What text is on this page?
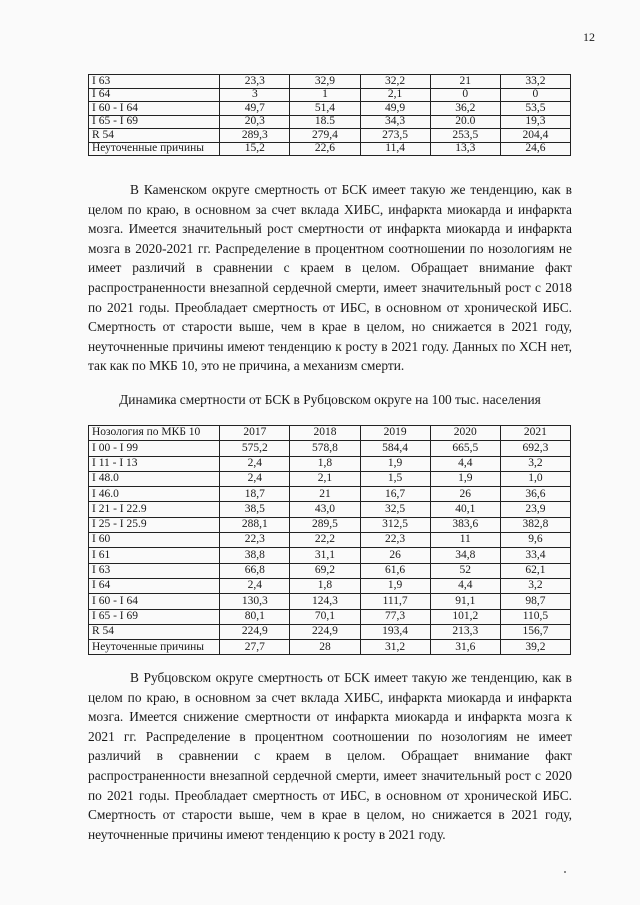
12
I 63	23,3	32,9	32,2	21	33,2
I 64	3	1	2,1	0	0
I 60 - I 64	49,7	51,4	49,9	36,2	53,5
I 65 - I 69	20,3	18.5	34,3	20.0	19,3
R 54	289,3	279,4	273,5	253,5	204,4
Неуточенные причины	15,2	22,6	11,4	13,3	24,6

В Каменском округе смертность от БСК имеет такую же тенденцию, как в целом по краю, в основном за счет вклада ХИБС, инфаркта миокарда и инфаркта мозга. Имеется значительный рост смертности от инфаркта миокарда и инфаркта мозга в 2020-2021 гг. Распределение в процентном соотношении по нозологиям не имеет различий в сравнении с краем в целом. Обращает внимание факт распространенности внезапной сердечной смерти, имеет значительный рост с 2018 по 2021 годы. Преобладает смертность от ИБС, в основном от хронической ИБС. Смертность от старости выше, чем в крае в целом, но снижается в 2021 году, неуточненные причины имеют тенденцию к росту в 2021 году. Данных по ХСН нет, так как по МКБ 10, это не причина, а механизм смерти.

Динамика смертности от БСК в Рубцовском округе на 100 тыс. населения
Нозология по МКБ 10	2017	2018	2019	2020	2021
I 00 - I 99	575,2	578,8	584,4	665,5	692,3
I 11 - I 13	2,4	1,8	1,9	4,4	3,2
I 48.0	2,4	2,1	1,5	1,9	1,0
I 46.0	18,7	21	16,7	26	36,6
I 21 - I 22.9	38,5	43,0	32,5	40,1	23,9
I 25 - I 25.9	288,1	289,5	312,5	383,6	382,8
I 60	22,3	22,2	22,3	11	9,6
I 61	38,8	31,1	26	34,8	33,4
I 63	66,8	69,2	61,6	52	62,1
I 64	2,4	1,8	1,9	4,4	3,2
I 60 - I 64	130,3	124,3	111,7	91,1	98,7
I 65 - I 69	80,1	70,1	77,3	101,2	110,5
R 54	224,9	224,9	193,4	213,3	156,7
Неуточенные причины	27,7	28	31,2	31,6	39,2

В Рубцовском округе смертность от БСК имеет такую же тенденцию, как в целом по краю, в основном за счет вклада ХИБС, инфаркта миокарда и инфаркта мозга. Имеется снижение смертности от инфаркта миокарда и инфаркта мозга к 2021 гг. Распределение в процентном соотношении по нозологиям не имеет различий в сравнении с краем в целом. Обращает внимание факт распространенности внезапной сердечной смерти, имеет значительный рост с 2020 по 2021 годы. Преобладает смертность от ИБС, в основном от хронической ИБС. Смертность от старости выше, чем в крае в целом, но снижается в 2021 году, неуточненные причины имеют тенденцию к росту в 2021 году.
